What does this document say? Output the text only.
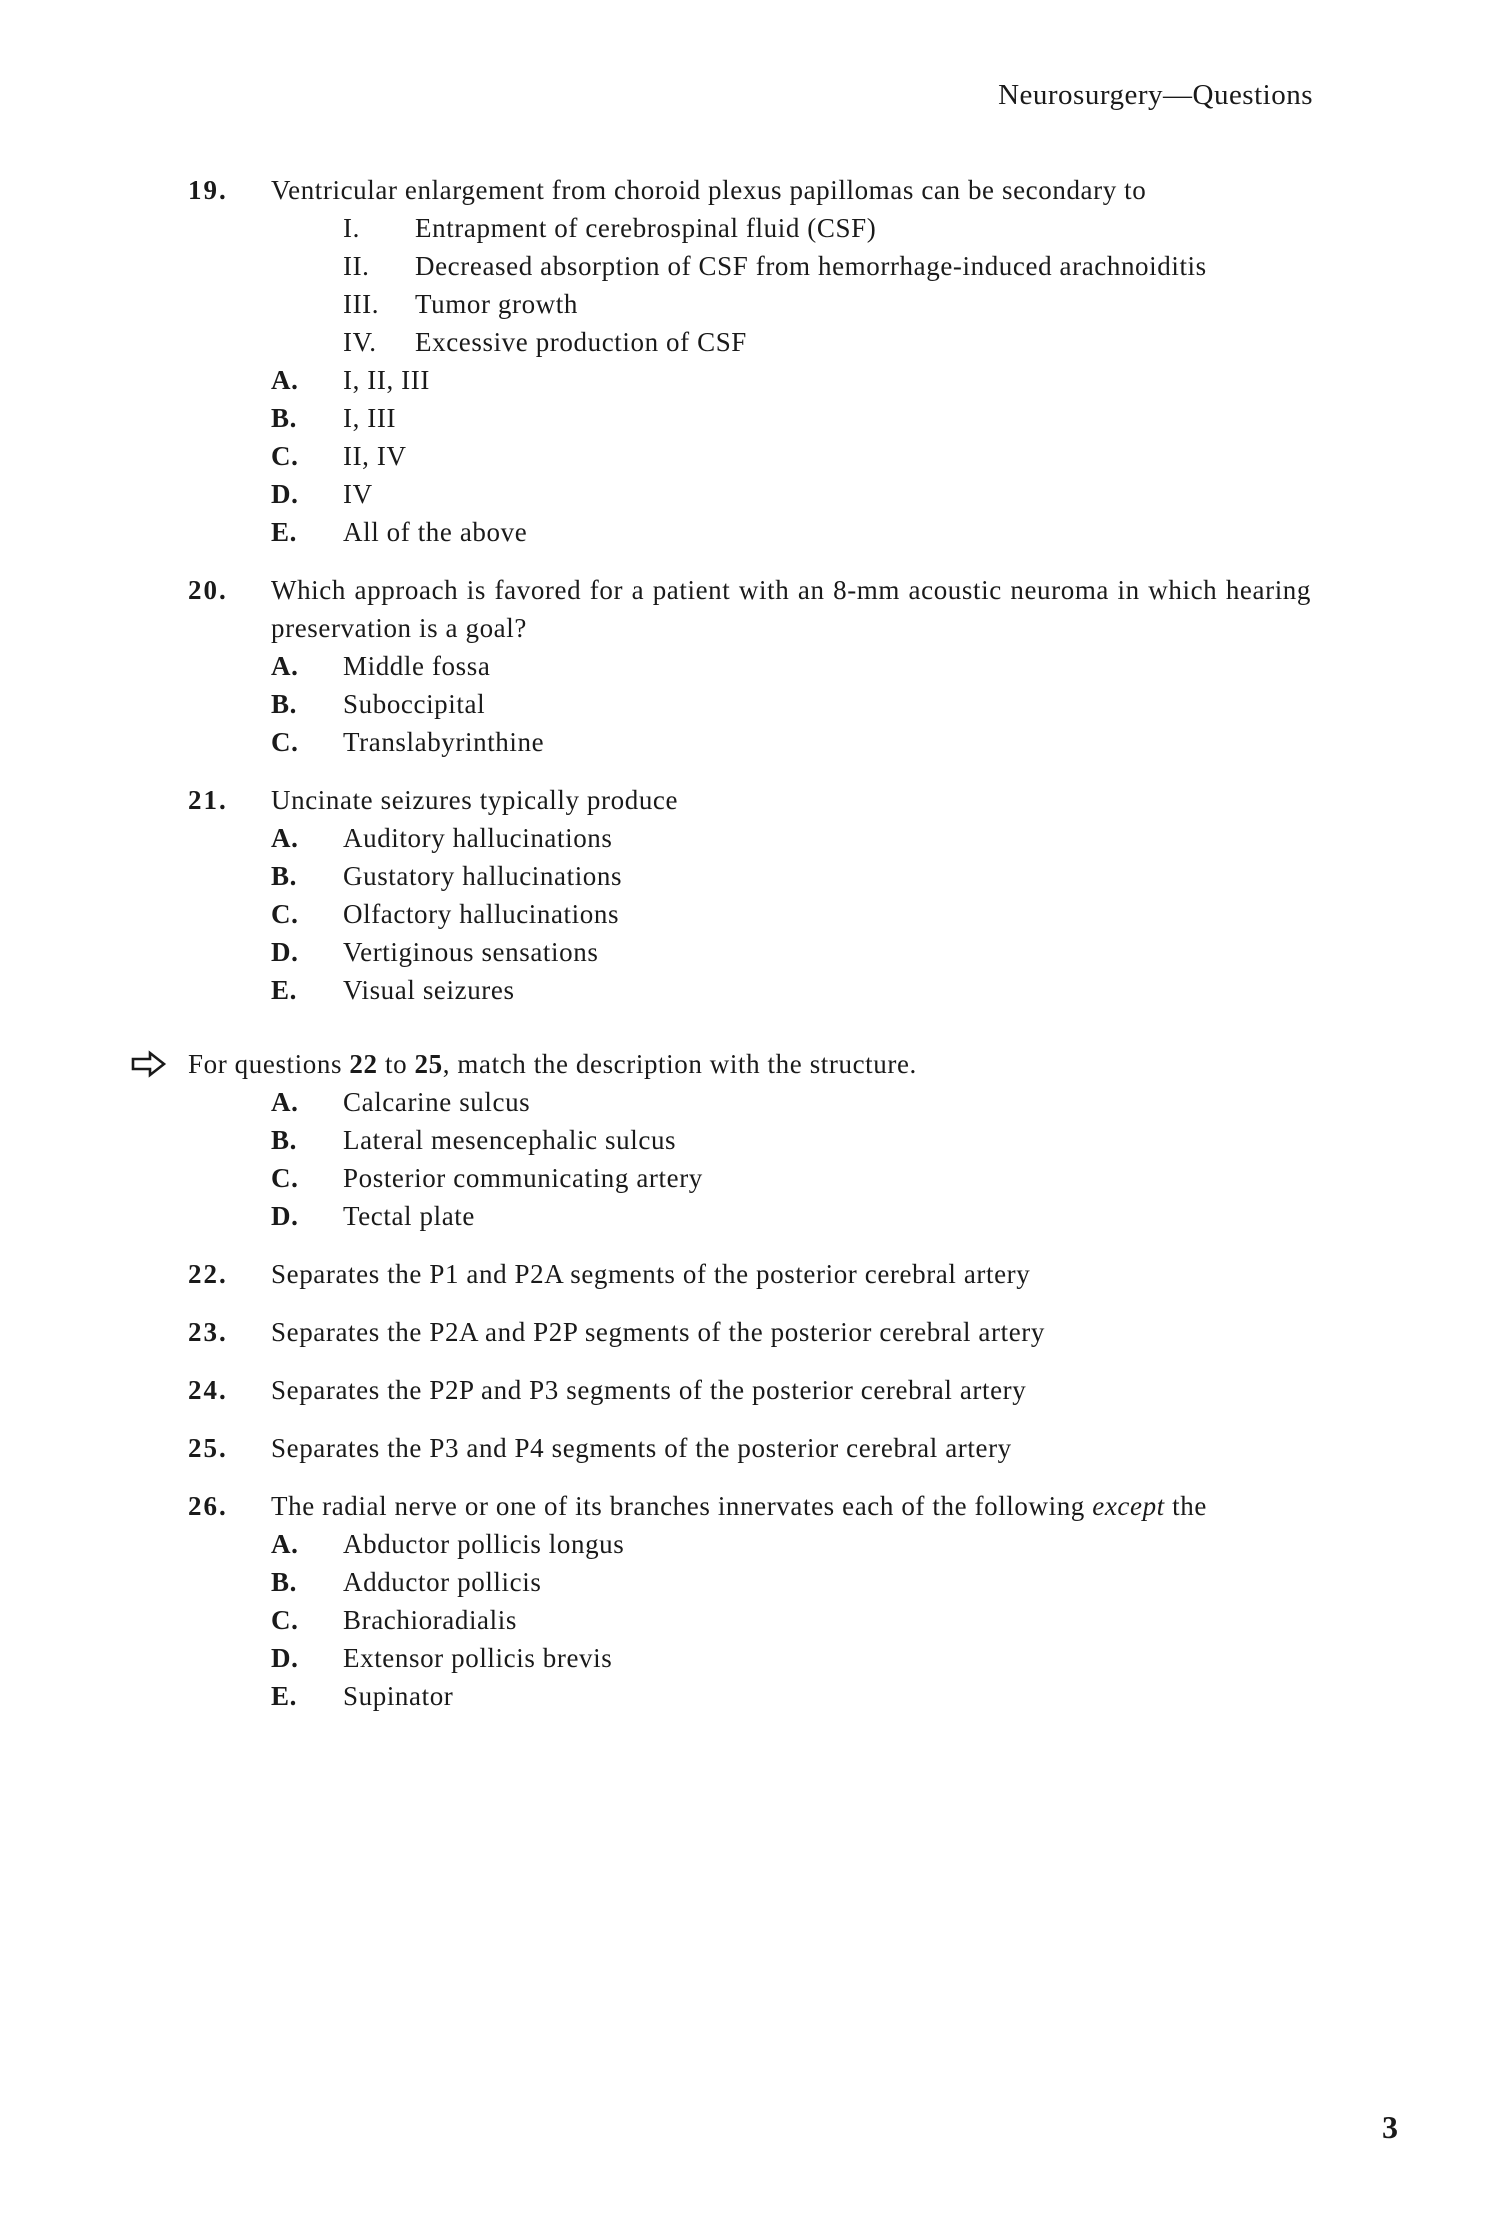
Neurosurgery—Questions
19.	Ventricular enlargement from choroid plexus papillomas can be secondary to
I. Entrapment of cerebrospinal fluid (CSF)
II. Decreased absorption of CSF from hemorrhage-induced arachnoiditis
III. Tumor growth
IV. Excessive production of CSF
A. I, II, III
B. I, III
C. II, IV
D. IV
E. All of the above
20.	Which approach is favored for a patient with an 8-mm acoustic neuroma in which hearing preservation is a goal?
A. Middle fossa
B. Suboccipital
C. Translabyrinthine
21.	Uncinate seizures typically produce
A. Auditory hallucinations
B. Gustatory hallucinations
C. Olfactory hallucinations
D. Vertiginous sensations
E. Visual seizures
For questions 22 to 25, match the description with the structure.
A. Calcarine sulcus
B. Lateral mesencephalic sulcus
C. Posterior communicating artery
D. Tectal plate
22.	Separates the P1 and P2A segments of the posterior cerebral artery
23.	Separates the P2A and P2P segments of the posterior cerebral artery
24.	Separates the P2P and P3 segments of the posterior cerebral artery
25.	Separates the P3 and P4 segments of the posterior cerebral artery
26.	The radial nerve or one of its branches innervates each of the following except the
A. Abductor pollicis longus
B. Adductor pollicis
C. Brachioradialis
D. Extensor pollicis brevis
E. Supinator
3
